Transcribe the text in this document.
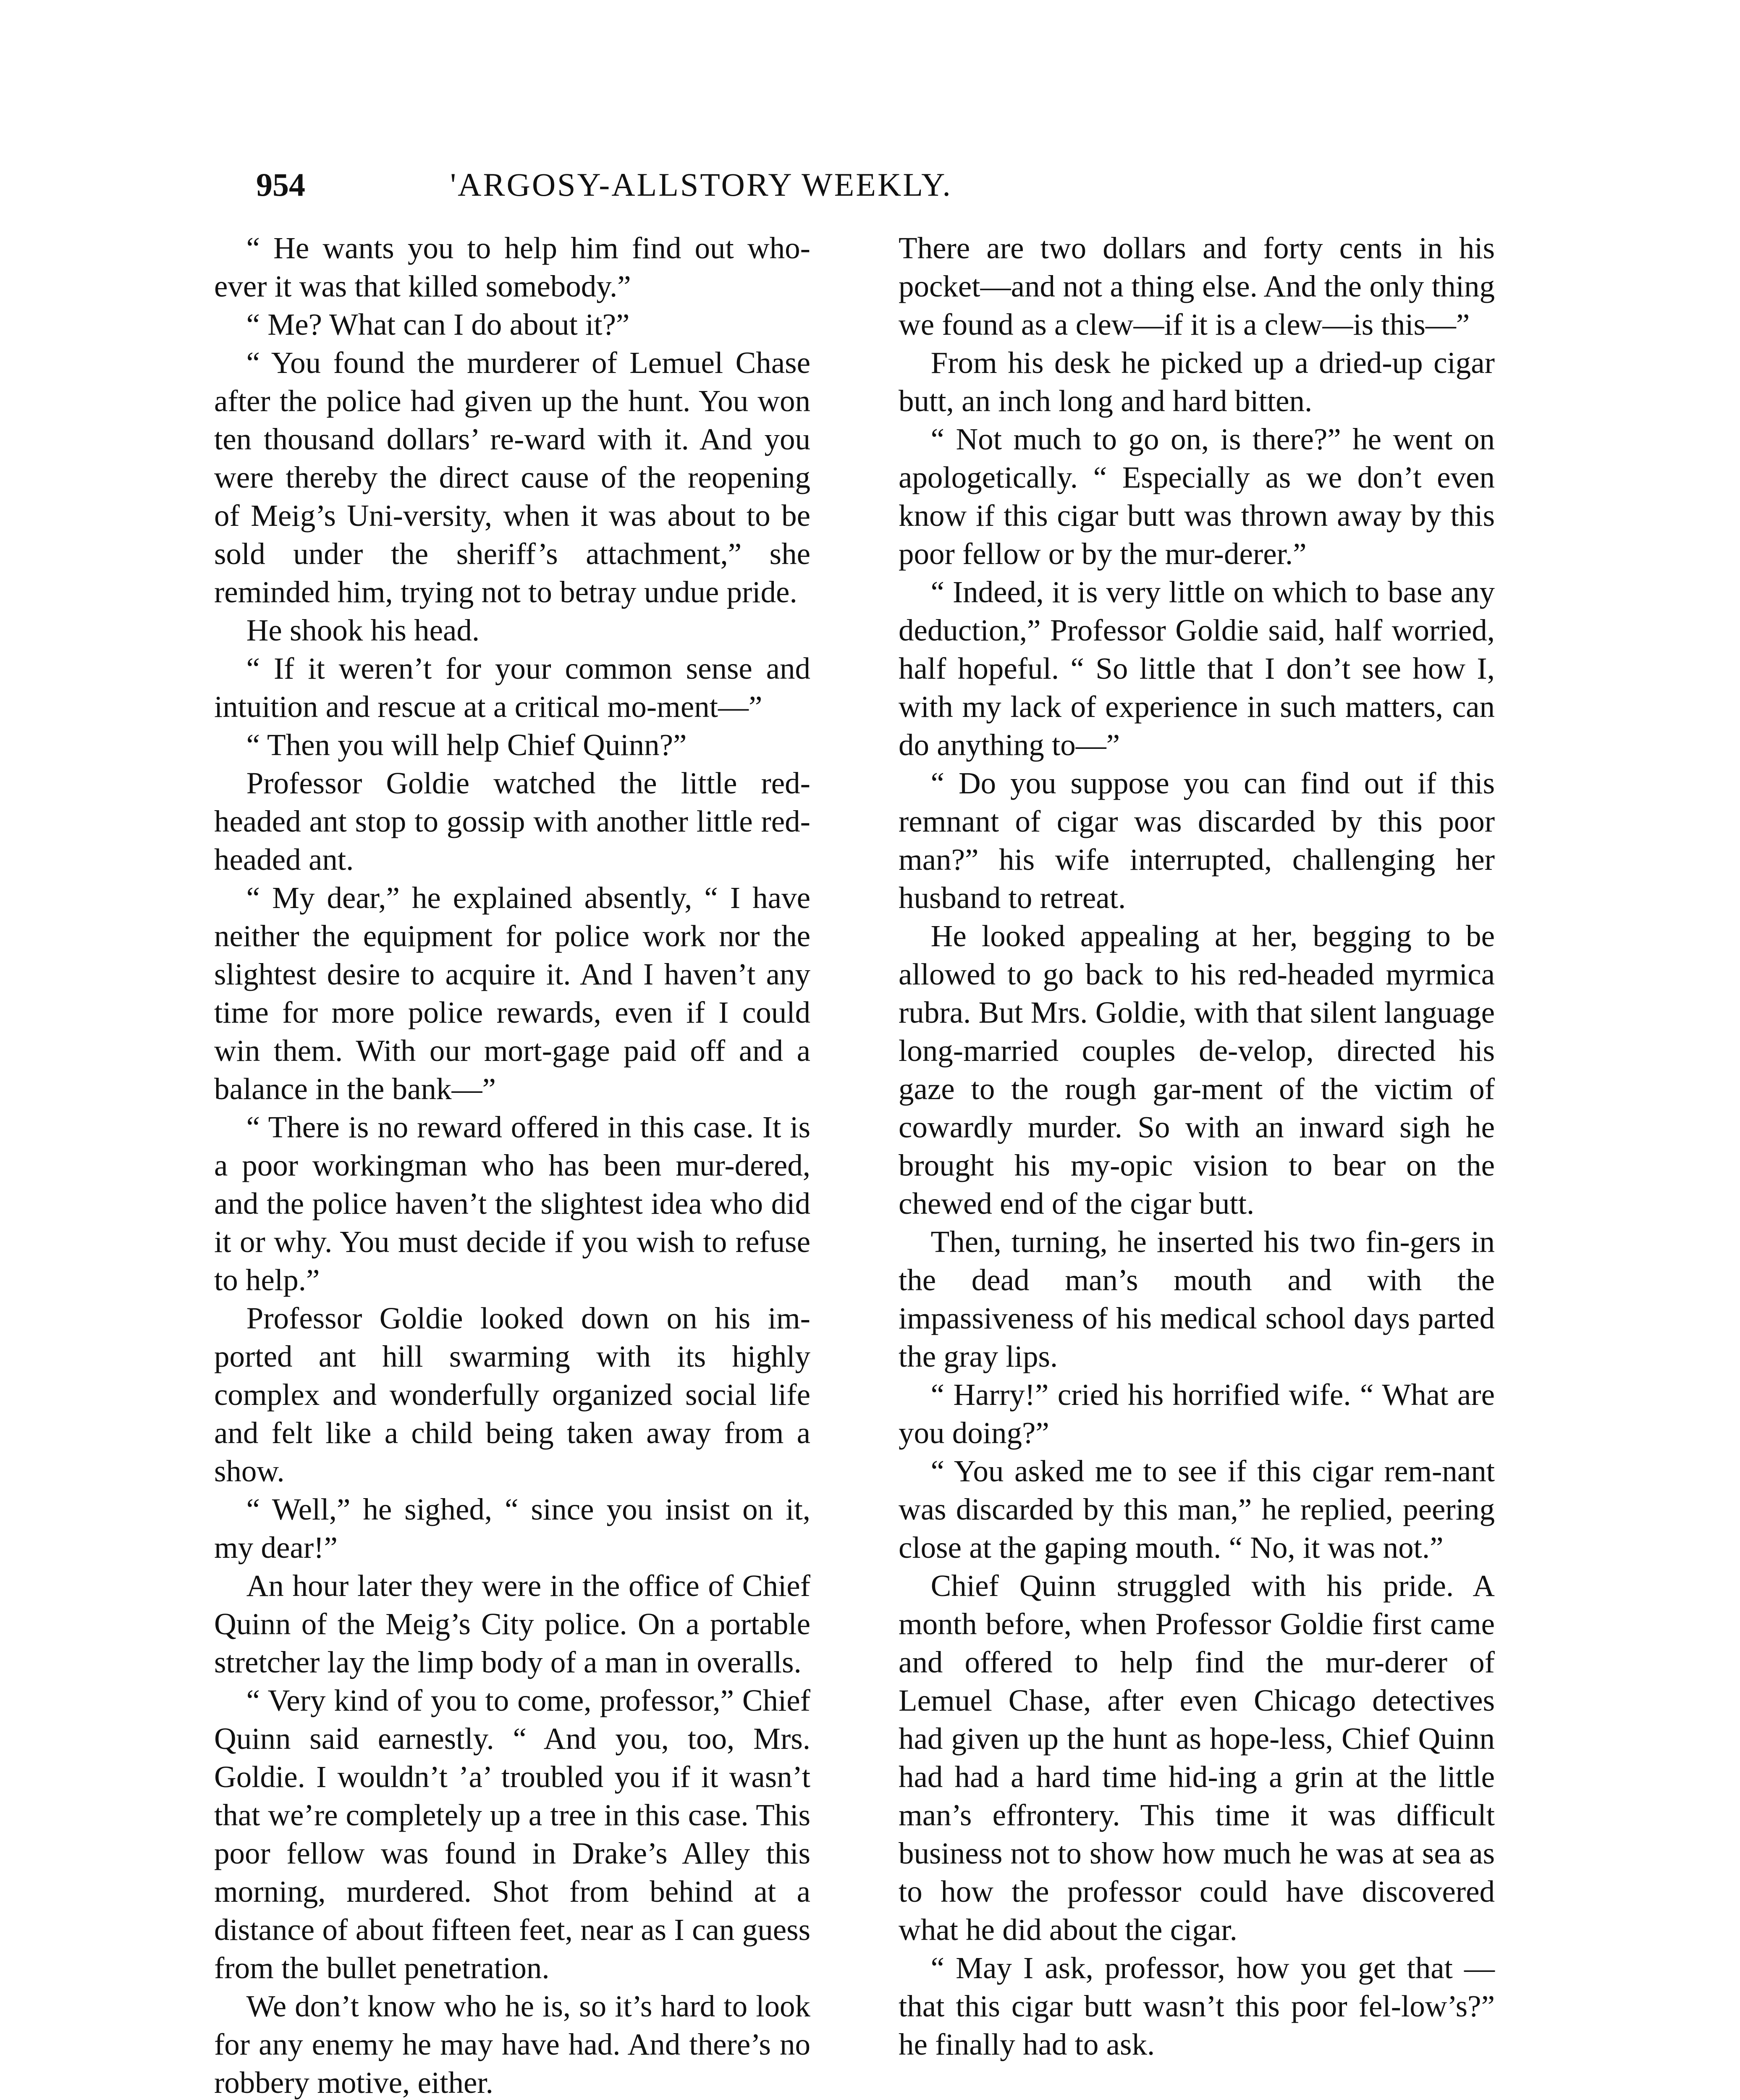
954	'ARGOSY-ALLSTORY WEEKLY.

“ He wants you to help him find out who-ever it was that killed somebody.”

“ Me? What can I do about it?”

“ You found the murderer of Lemuel Chase after the police had given up the hunt. You won ten thousand dollars’ re-ward with it. And you were thereby the direct cause of the reopening of Meig’s Uni-versity, when it was about to be sold under the sheriff’s attachment,” she reminded him, trying not to betray undue pride.

He shook his head.

“ If it weren’t for your common sense and intuition and rescue at a critical mo-ment—”

“ Then you will help Chief Quinn?”

Professor Goldie watched the little red-headed ant stop to gossip with another little red-headed ant.

“ My dear,” he explained absently, “ I have neither the equipment for police work nor the slightest desire to acquire it. And I haven’t any time for more police rewards, even if I could win them. With our mort-gage paid off and a balance in the bank—”

“ There is no reward offered in this case. It is a poor workingman who has been mur-dered, and the police haven’t the slightest idea who did it or why. You must decide if you wish to refuse to help.”

Professor Goldie looked down on his im-ported ant hill swarming with its highly complex and wonderfully organized social life and felt like a child being taken away from a show.

“ Well,” he sighed, “ since you insist on it, my dear!”

An hour later they were in the office of Chief Quinn of the Meig’s City police. On a portable stretcher lay the limp body of a man in overalls.

“ Very kind of you to come, professor,” Chief Quinn said earnestly. “ And you, too, Mrs. Goldie. I wouldn’t ’a’ troubled you if it wasn’t that we’re completely up a tree in this case. This poor fellow was found in Drake’s Alley this morning, murdered. Shot from behind at a distance of about fifteen feet, near as I can guess from the bullet penetration.

We don’t know who he is, so it’s hard to look for any enemy he may have had. And there’s no robbery motive, either.

There are two dollars and forty cents in his pocket—and not a thing else. And the only thing we found as a clew—if it is a clew—is this—”

From his desk he picked up a dried-up cigar butt, an inch long and hard bitten.

“ Not much to go on, is there?” he went on apologetically. “ Especially as we don’t even know if this cigar butt was thrown away by this poor fellow or by the mur-derer.”

“ Indeed, it is very little on which to base any deduction,” Professor Goldie said, half worried, half hopeful. “ So little that I don’t see how I, with my lack of experience in such matters, can do anything to—”

“ Do you suppose you can find out if this remnant of cigar was discarded by this poor man?” his wife interrupted, challenging her husband to retreat.

He looked appealing at her, begging to be allowed to go back to his red-headed myrmica rubra. But Mrs. Goldie, with that silent language long-married couples de-velop, directed his gaze to the rough gar-ment of the victim of cowardly murder. So with an inward sigh he brought his my-opic vision to bear on the chewed end of the cigar butt.

Then, turning, he inserted his two fin-gers in the dead man’s mouth and with the impassiveness of his medical school days parted the gray lips.

“ Harry!” cried his horrified wife. “ What are you doing?”

“ You asked me to see if this cigar rem-nant was discarded by this man,” he replied, peering close at the gaping mouth. “ No, it was not.”

Chief Quinn struggled with his pride. A month before, when Professor Goldie first came and offered to help find the mur-derer of Lemuel Chase, after even Chicago detectives had given up the hunt as hope-less, Chief Quinn had had a hard time hid-ing a grin at the little man’s effrontery. This time it was difficult business not to show how much he was at sea as to how the professor could have discovered what he did about the cigar.

“ May I ask, professor, how you get that —that this cigar butt wasn’t this poor fel-low’s?” he finally had to ask.
